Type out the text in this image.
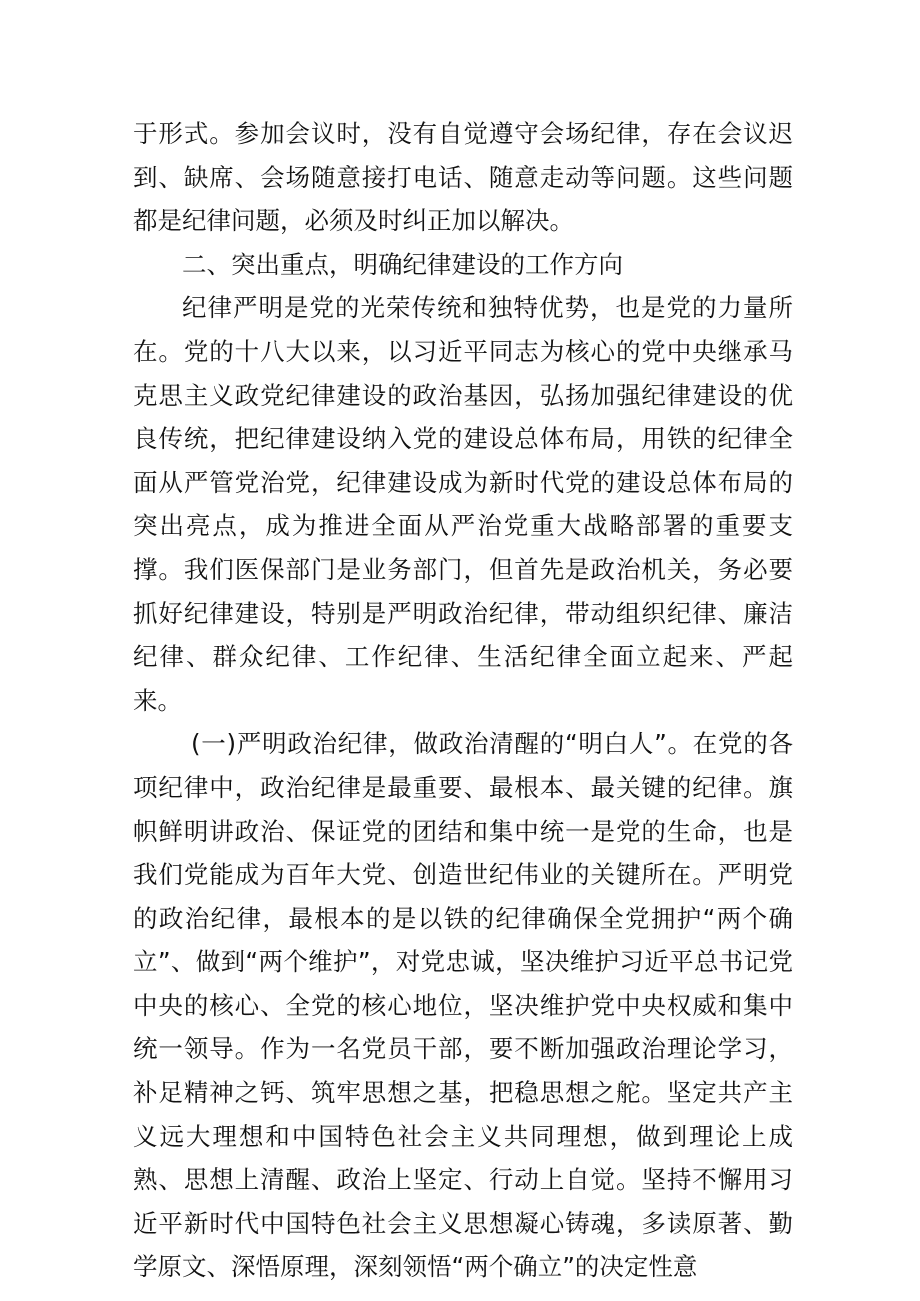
于形式。参加会议时，没有自觉遵守会场纪律，存在会议迟到、缺席、会场随意接打电话、随意走动等问题。这些问题都是纪律问题，必须及时纠正加以解决。

二、突出重点，明确纪律建设的工作方向

纪律严明是党的光荣传统和独特优势，也是党的力量所在。党的十八大以来，以习近平同志为核心的党中央继承马克思主义政党纪律建设的政治基因，弘扬加强纪律建设的优良传统，把纪律建设纳入党的建设总体布局，用铁的纪律全面从严管党治党，纪律建设成为新时代党的建设总体布局的突出亮点，成为推进全面从严治党重大战略部署的重要支撑。我们医保部门是业务部门，但首先是政治机关，务必要抓好纪律建设，特别是严明政治纪律，带动组织纪律、廉洁纪律、群众纪律、工作纪律、生活纪律全面立起来、严起来。

(一)严明政治纪律，做政治清醒的“明白人”。在党的各项纪律中，政治纪律是最重要、最根本、最关键的纪律。旗帜鲜明讲政治、保证党的团结和集中统一是党的生命，也是我们党能成为百年大党、创造世纪伟业的关键所在。严明党的政治纪律，最根本的是以铁的纪律确保全党拥护“两个确立”、做到“两个维护”，对党忠诚，坚决维护习近平总书记党中央的核心、全党的核心地位，坚决维护党中央权威和集中统一领导。作为一名党员干部，要不断加强政治理论学习，补足精神之钙、筑牢思想之基，把稳思想之舵。坚定共产主义远大理想和中国特色社会主义共同理想，做到理论上成熟、思想上清醒、政治上坚定、行动上自觉。坚持不懈用习近平新时代中国特色社会主义思想凝心铸魂，多读原著、勤学原文、深悟原理，深刻领悟“两个确立”的决定性意
